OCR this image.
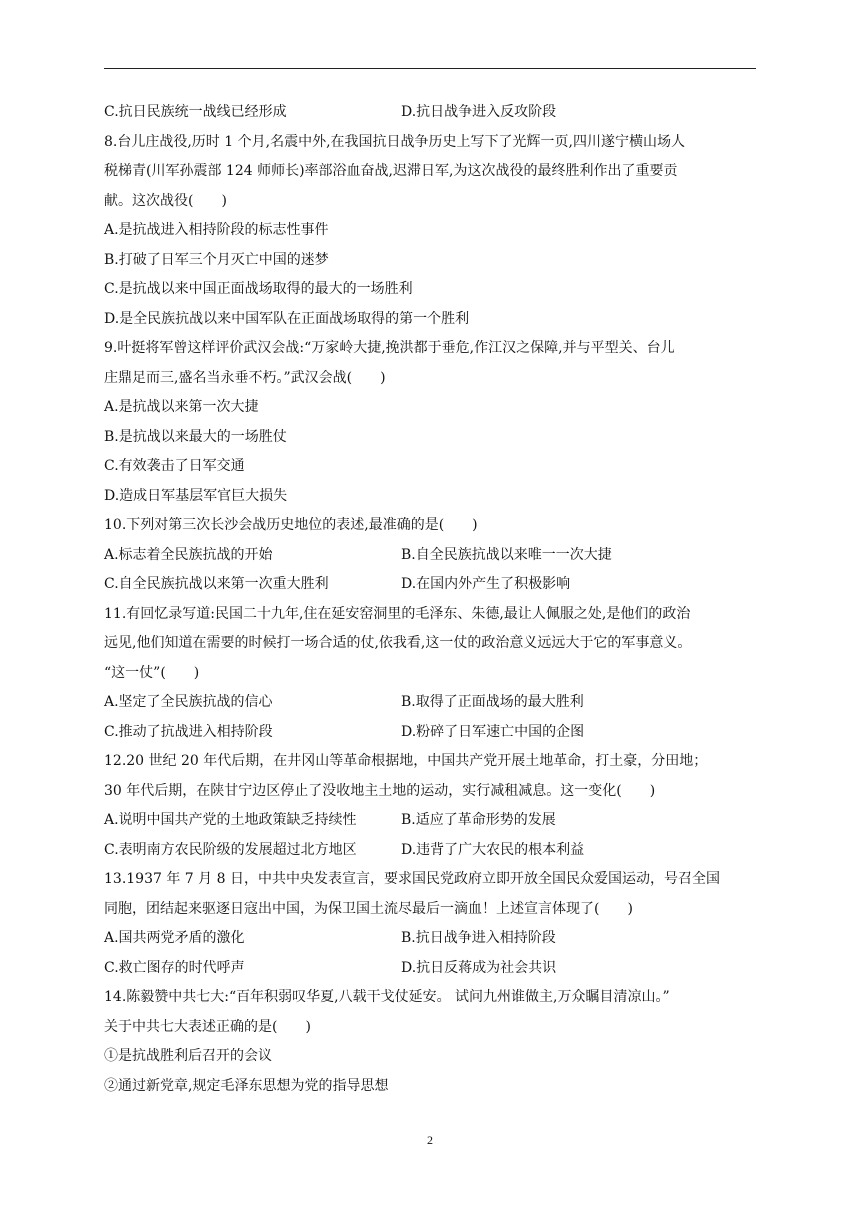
C.抗日民族统一战线已经形成	D.抗日战争进入反攻阶段
8.台儿庄战役,历时 1 个月,名震中外,在我国抗日战争历史上写下了光辉一页,四川遂宁横山场人
税梯青(川军孙震部 124 师师长)率部浴血奋战,迟滞日军,为这次战役的最终胜利作出了重要贡
献。这次战役(　　)
A.是抗战进入相持阶段的标志性事件
B.打破了日军三个月灭亡中国的迷梦
C.是抗战以来中国正面战场取得的最大的一场胜利
D.是全民族抗战以来中国军队在正面战场取得的第一个胜利
9.叶挺将军曾这样评价武汉会战:“万家岭大捷,挽洪都于垂危,作江汉之保障,并与平型关、台儿
庄鼎足而三,盛名当永垂不朽。”武汉会战(　　)
A.是抗战以来第一次大捷
B.是抗战以来最大的一场胜仗
C.有效袭击了日军交通
D.造成日军基层军官巨大损失
10.下列对第三次长沙会战历史地位的表述,最准确的是(　　)
A.标志着全民族抗战的开始	B.自全民族抗战以来唯一一次大捷
C.自全民族抗战以来第一次重大胜利	D.在国内外产生了积极影响
11.有回忆录写道:民国二十九年,住在延安窑洞里的毛泽东、朱德,最让人佩服之处,是他们的政治
远见,他们知道在需要的时候打一场合适的仗,依我看,这一仗的政治意义远远大于它的军事意义。
“这一仗”(　　)
A.坚定了全民族抗战的信心	B.取得了正面战场的最大胜利
C.推动了抗战进入相持阶段	D.粉碎了日军速亡中国的企图
12.20 世纪 20 年代后期，在井冈山等革命根据地，中国共产党开展土地革命，打土豪，分田地；
30 年代后期，在陕甘宁边区停止了没收地主土地的运动，实行减租减息。这一变化(　　)
A.说明中国共产党的土地政策缺乏持续性	B.适应了革命形势的发展
C.表明南方农民阶级的发展超过北方地区	D.违背了广大农民的根本利益
13.1937 年 7 月 8 日，中共中央发表宣言，要求国民党政府立即开放全国民众爱国运动，号召全国
同胞，团结起来驱逐日寇出中国，为保卫国土流尽最后一滴血！上述宣言体现了(　　)
A.国共两党矛盾的激化	B.抗日战争进入相持阶段
C.救亡图存的时代呼声	D.抗日反蒋成为社会共识
14.陈毅赞中共七大:“百年积弱叹华夏,八载干戈仗延安。 试问九州谁做主,万众瞩目清凉山。”
关于中共七大表述正确的是(　　)
①是抗战胜利后召开的会议
②通过新党章,规定毛泽东思想为党的指导思想
2
